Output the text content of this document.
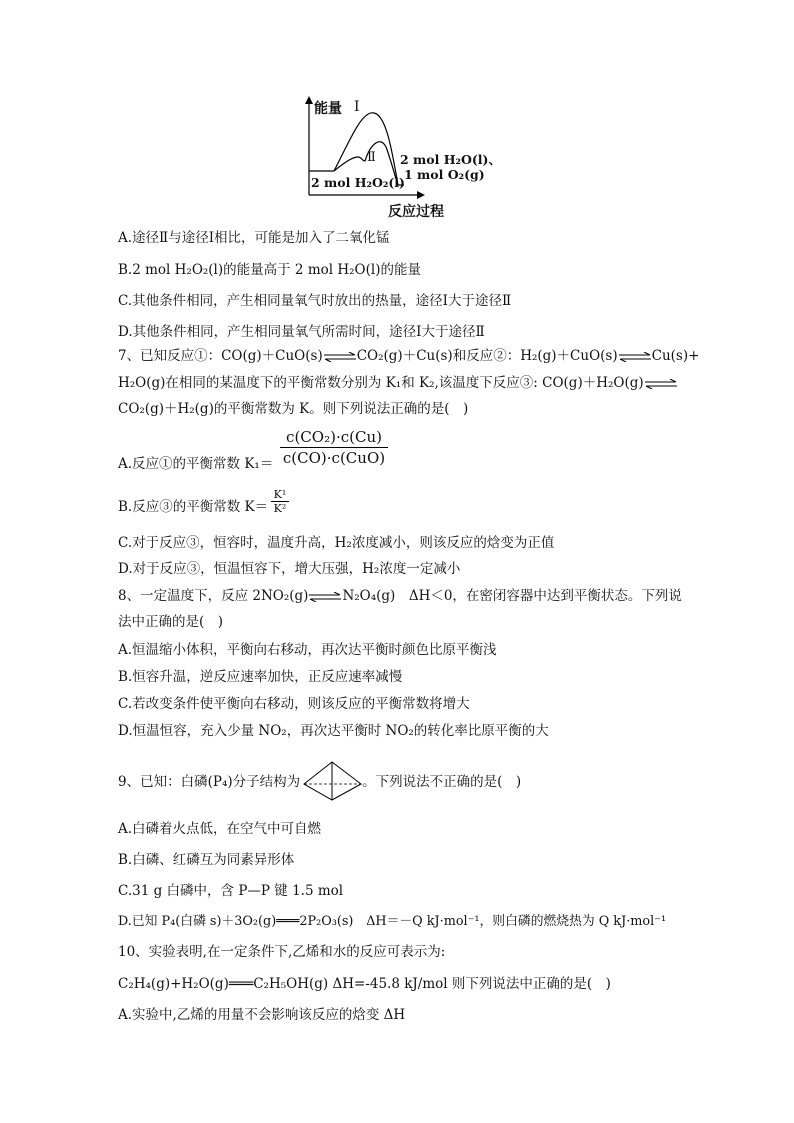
能量 Ⅰ
Ⅱ
2 mol H₂O₂(l)
2 mol H₂O(l)、
1 mol O₂(g)
反应过程
A.途径Ⅱ与途径Ⅰ相比，可能是加入了二氧化锰
B.2 mol H₂O₂(l)的能量高于 2 mol H₂O(l)的能量
C.其他条件相同，产生相同量氧气时放出的热量，途径Ⅰ大于途径Ⅱ
D.其他条件相同，产生相同量氧气所需时间，途径Ⅰ大于途径Ⅱ
7、已知反应①：CO(g)＋CuO(s)⇌CO₂(g)＋Cu(s)和反应②：H₂(g)＋CuO(s)⇌Cu(s)+
H₂O(g)在相同的某温度下的平衡常数分别为 K₁和 K₂,该温度下反应③: CO(g)＋H₂O(g)⇌
CO₂(g)＋H₂(g)的平衡常数为 K。则下列说法正确的是(　)
A.反应①的平衡常数 K₁＝
c(CO₂)·c(Cu)
c(CO)·c(CuO)
B.反应③的平衡常数 K＝
K¹
K²
C.对于反应③，恒容时，温度升高，H₂浓度减小，则该反应的焓变为正值
D.对于反应③，恒温恒容下，增大压强，H₂浓度一定减小
8、一定温度下，反应 2NO₂(g)⇌N₂O₄(g)　ΔH＜0，在密闭容器中达到平衡状态。下列说
法中正确的是(　)
A.恒温缩小体积，平衡向右移动，再次达平衡时颜色比原平衡浅
B.恒容升温，逆反应速率加快，正反应速率减慢
C.若改变条件使平衡向右移动，则该反应的平衡常数将增大
D.恒温恒容，充入少量 NO₂，再次达平衡时 NO₂的转化率比原平衡的大
9、已知：白磷(P₄)分子结构为	。下列说法不正确的是(　)
A.白磷着火点低，在空气中可自燃
B.白磷、红磷互为同素异形体
C.31 g 白磷中，含 P—P 键 1.5 mol
D.已知 P₄(白磷 s)＋3O₂(g)═══2P₂O₃(s)　ΔH＝－Q kJ·mol⁻¹，则白磷的燃烧热为 Q kJ·mol⁻¹
10、实验表明,在一定条件下,乙烯和水的反应可表示为:
C₂H₄(g)+H₂O(g)═══C₂H₅OH(g) ΔH=-45.8 kJ/mol 则下列说法中正确的是(　)
A.实验中,乙烯的用量不会影响该反应的焓变 ΔH
